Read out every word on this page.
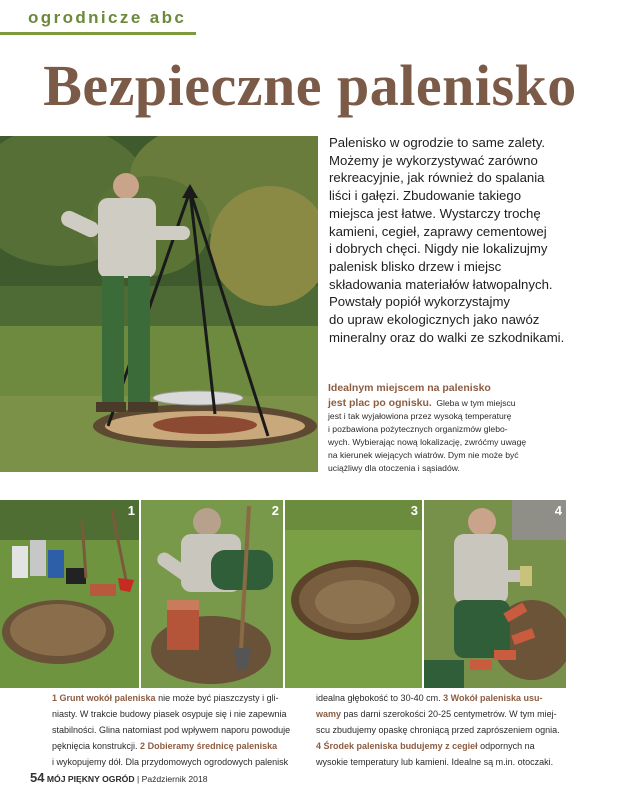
ogrodnicze abc
Bezpieczne palenisko
Palenisko w ogrodzie to same zalety.
Możemy je wykorzystywać zarówno
rekreacyjnie, jak również do spalania
liści i gałęzi. Zbudowanie takiego
miejsca jest łatwe. Wystarczy trochę
kamieni, cegieł, zaprawy cementowej
i dobrych chęci. Nigdy nie lokalizujmy
palenisk blisko drzew i miejsc
składowania materiałów łatwopalnych.
Powstały popiół wykorzystajmy
do upraw ekologicznych jako nawóz
mineralny oraz do walki ze szkodnikami.
Idealnym miejscem na palenisko
jest plac po ognisku. Gleba w tym miejscu
jest i tak wyjałowiona przez wysoką temperaturę
i pozbawiona pożytecznych organizmów glebo-
wych. Wybierając nową lokalizację, zwróćmy uwagę
na kierunek wiejących wiatrów. Dym nie może być
uciążliwy dla otoczenia i sąsiadów.
1	2	3	4
1 Grunt wokół paleniska nie może być piaszczysty i gli-
niasty. W trakcie budowy piasek osypuje się i nie zapewnia
stabilności. Glina natomiast pod wpływem naporu powoduje
pęknięcia konstrukcji. 2 Dobieramy średnicę paleniska
i wykopujemy dół. Dla przydomowych ogrodowych palenisk
idealna głębokość to 30-40 cm. 3 Wokół paleniska usu-
wamy pas darni szerokości 20-25 centymetrów. W tym miej-
scu zbudujemy opaskę chroniącą przed zaprószeniem ognia.
4 Środek paleniska budujemy z cegieł odpornych na
wysokie temperatury lub kamieni. Idealne są m.in. otoczaki.
54 MÓJ PIĘKNY OGRÓD | Październik 2018
